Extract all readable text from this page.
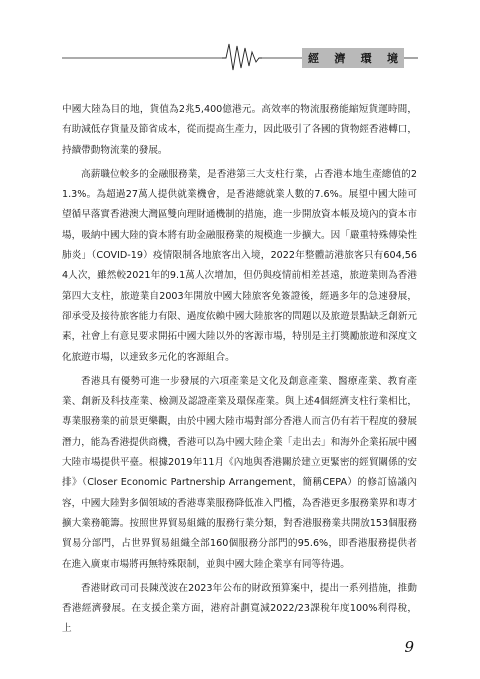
經 濟 環 境

中國大陸為目的地，貨值為2兆5,400億港元。高效率的物流服務能縮短貨運時間，有助減低存貨量及節省成本，從而提高生產力，因此吸引了各國的貨物經香港轉口，持續帶動物流業的發展。

高薪職位較多的金融服務業，是香港第三大支柱行業，占香港本地生產總值的21.3%。為超過27萬人提供就業機會，是香港總就業人數的7.6%。展望中國大陸可望循早落實香港澳大灣區雙向理財通機制的措施，進一步開放資本帳及境內的資本市場，吸納中國大陸的資本將有助金融服務業的規模進一步擴大。因「嚴重特殊傳染性肺炎」（COVID-19）疫情限制各地旅客出入境，2022年整體訪港旅客只有604,564人次，雖然較2021年的9.1萬人次增加，但仍與疫情前相差甚遠，旅遊業則為香港第四大支柱，旅遊業自2003年開放中國大陸旅客免簽證後，經過多年的急速發展，卻承受及接待旅客能力有限、過度依賴中國大陸旅客的問題以及旅遊景點缺乏創新元素，社會上有意見要求開拓中國大陸以外的客源市場，特別是主打獎勵旅遊和深度文化旅遊市場，以達致多元化的客源組合。

香港具有優勢可進一步發展的六項產業是文化及創意產業、醫療產業、教育產業、創新及科技產業、檢測及認證產業及環保產業。與上述4個經濟支柱行業相比，專業服務業的前景更樂觀，由於中國大陸市場對部分香港人而言仍有若干程度的發展潛力，能為香港提供商機，香港可以為中國大陸企業「走出去」和海外企業拓展中國大陸市場提供平臺。根據2019年11月《內地與香港關於建立更緊密的經貿關係的安排》（Closer Economic Partnership Arrangement，簡稱CEPA）的修訂協議內容，中國大陸對多個領域的香港專業服務降低准入門檻，為香港更多服務業界和專才擴大業務範籌。按照世界貿易組織的服務行業分類，對香港服務業共開放153個服務貿易分部門，占世界貿易組織全部160個服務分部門的95.6%，即香港服務提供者在進入廣東市場將再無特殊限制，並與中國大陸企業享有同等待遇。

香港財政司司長陳茂波在2023年公布的財政預算案中，提出一系列措施，推動香港經濟發展。在支援企業方面，港府計劃寬減2022/23課稅年度100%利得稅，上

9
